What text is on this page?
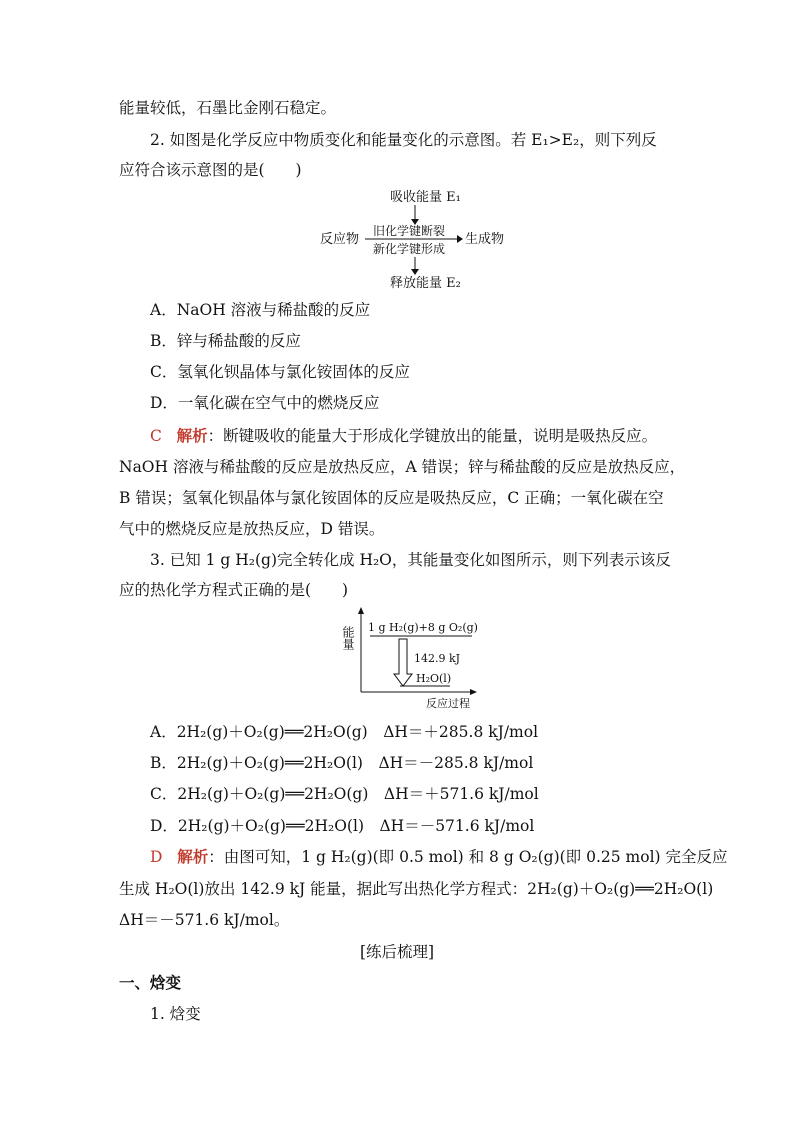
能量较低，石墨比金刚石稳定。
2. 如图是化学反应中物质变化和能量变化的示意图。若 E₁>E₂，则下列反
应符合该示意图的是(　　)
吸收能量 E₁
旧化学键断裂
反应物	生成物
新化学键形成
释放能量 E₂
A．NaOH 溶液与稀盐酸的反应
B．锌与稀盐酸的反应
C．氢氧化钡晶体与氯化铵固体的反应
D．一氧化碳在空气中的燃烧反应
C 解析：断键吸收的能量大于形成化学键放出的能量，说明是吸热反应。
NaOH 溶液与稀盐酸的反应是放热反应，A 错误；锌与稀盐酸的反应是放热反应，
B 错误；氢氧化钡晶体与氯化铵固体的反应是吸热反应，C 正确；一氧化碳在空
气中的燃烧反应是放热反应，D 错误。
3. 已知 1 g H₂(g)完全转化成 H₂O，其能量变化如图所示，则下列表示该反
应的热化学方程式正确的是(　　)
能量 1 g H₂(g)+8 g O₂(g)
142.9 kJ
H₂O(l)
反应过程
A．2H₂(g)＋O₂(g)══2H₂O(g)　ΔH＝＋285.8 kJ/mol
B．2H₂(g)＋O₂(g)══2H₂O(l)　ΔH＝－285.8 kJ/mol
C．2H₂(g)＋O₂(g)══2H₂O(g)　ΔH＝＋571.6 kJ/mol
D．2H₂(g)＋O₂(g)══2H₂O(l)　ΔH＝－571.6 kJ/mol
D 解析：由图可知，1 g H₂(g)(即 0.5 mol) 和 8 g O₂(g)(即 0.25 mol) 完全反应
生成 H₂O(l)放出 142.9 kJ 能量，据此写出热化学方程式：2H₂(g)＋O₂(g)══2H₂O(l)
ΔH＝－571.6 kJ/mol。
[练后梳理]
一、焓变
1. 焓变
